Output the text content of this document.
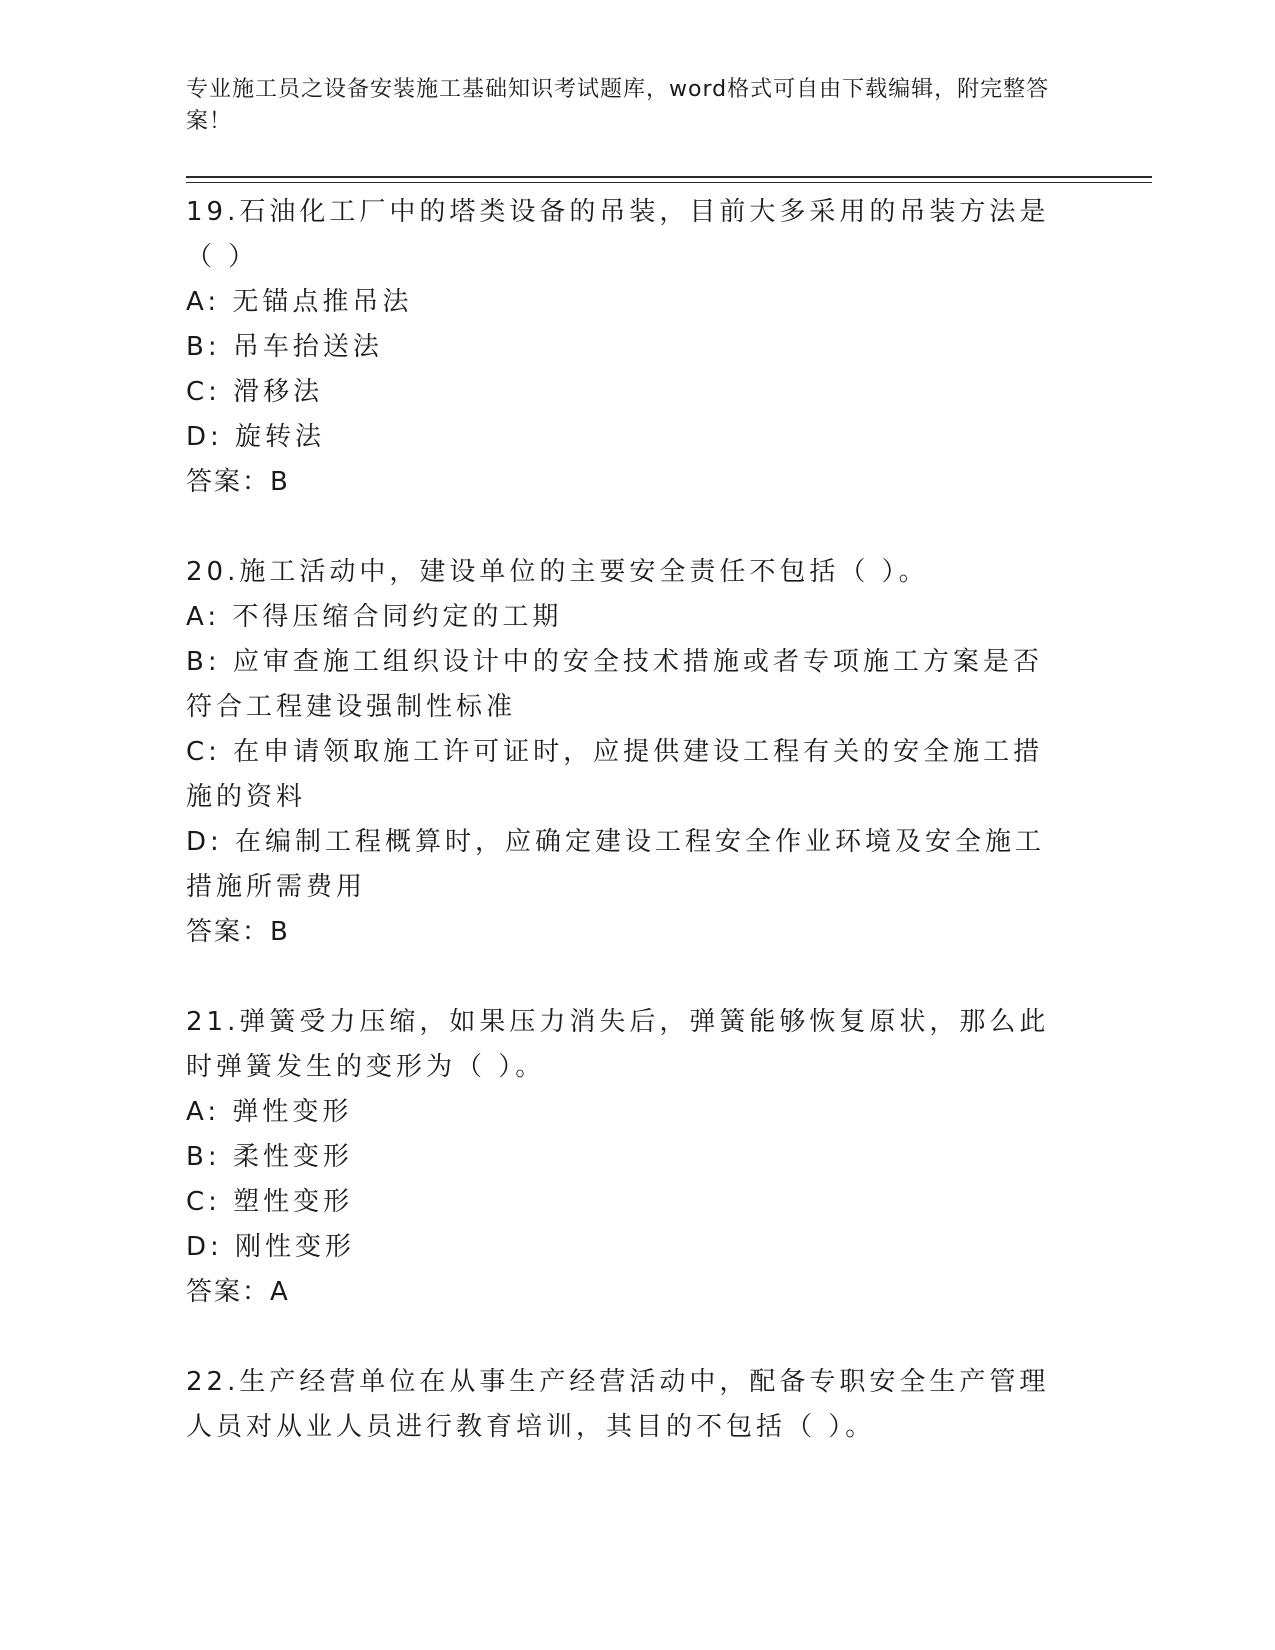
专业施工员之设备安装施工基础知识考试题库，word格式可自由下载编辑，附完整答案！

19.石油化工厂中的塔类设备的吊装，目前大多采用的吊装方法是（ ）

A: 无锚点推吊法

B: 吊车抬送法

C: 滑移法

D: 旋转法

答案：B

20.施工活动中，建设单位的主要安全责任不包括（ ）。

A: 不得压缩合同约定的工期

B: 应审查施工组织设计中的安全技术措施或者专项施工方案是否符合工程建设强制性标准

C: 在申请领取施工许可证时，应提供建设工程有关的安全施工措施的资料

D: 在编制工程概算时，应确定建设工程安全作业环境及安全施工措施所需费用

答案：B

21.弹簧受力压缩，如果压力消失后，弹簧能够恢复原状，那么此时弹簧发生的变形为（ ）。

A: 弹性变形

B: 柔性变形

C: 塑性变形

D: 刚性变形

答案：A

22.生产经营单位在从事生产经营活动中，配备专职安全生产管理人员对从业人员进行教育培训，其目的不包括（ ）。
